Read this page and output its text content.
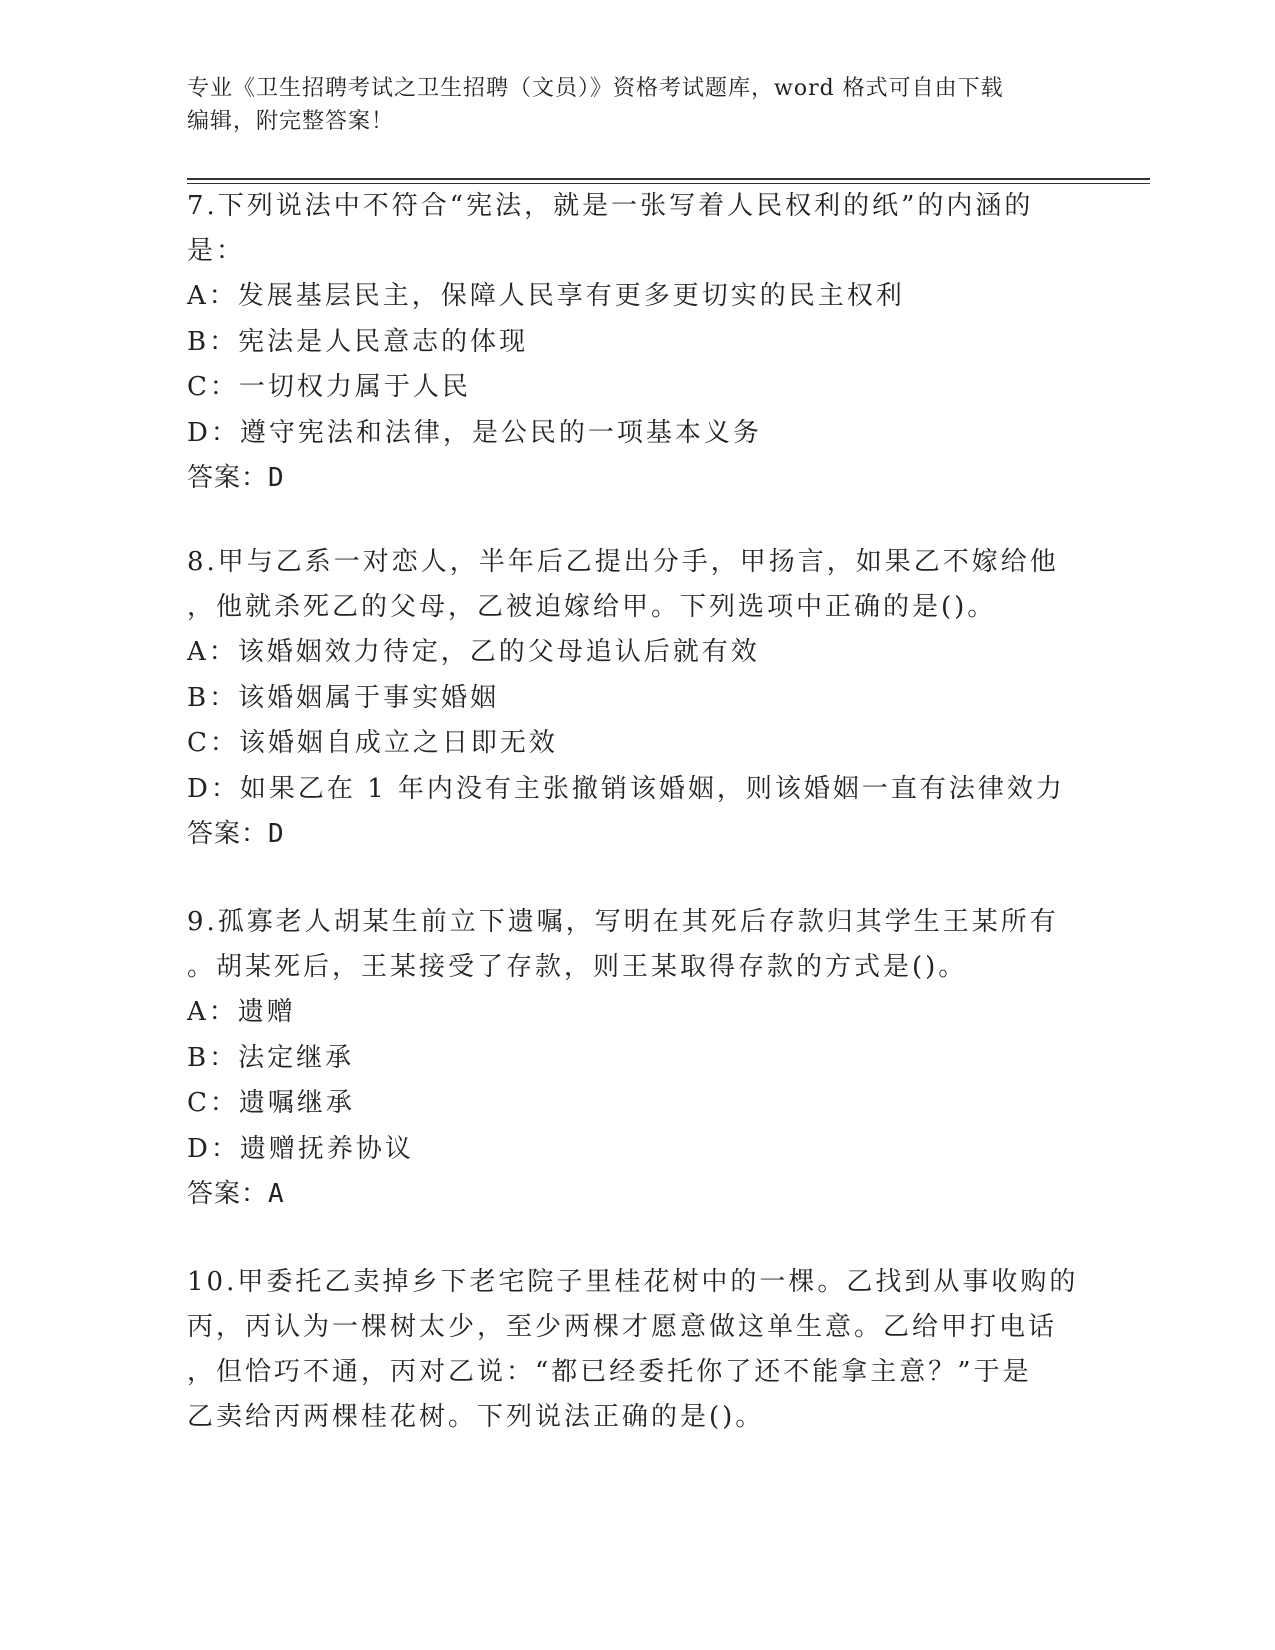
专业《卫生招聘考试之卫生招聘（文员）》资格考试题库，word 格式可自由下载
编辑，附完整答案！

7.下列说法中不符合“宪法，就是一张写着人民权利的纸”的内涵的

是：

A：发展基层民主，保障人民享有更多更切实的民主权利

B：宪法是人民意志的体现

C：一切权力属于人民

D：遵守宪法和法律，是公民的一项基本义务

答案：D

8.甲与乙系一对恋人，半年后乙提出分手，甲扬言，如果乙不嫁给他

，他就杀死乙的父母，乙被迫嫁给甲。下列选项中正确的是()。

A：该婚姻效力待定，乙的父母追认后就有效

B：该婚姻属于事实婚姻

C：该婚姻自成立之日即无效

D：如果乙在 1 年内没有主张撤销该婚姻，则该婚姻一直有法律效力

答案：D

9.孤寡老人胡某生前立下遗嘱，写明在其死后存款归其学生王某所有

。胡某死后，王某接受了存款，则王某取得存款的方式是()。

A：遗赠

B：法定继承

C：遗嘱继承

D：遗赠抚养协议

答案：A

10.甲委托乙卖掉乡下老宅院子里桂花树中的一棵。乙找到从事收购的

丙，丙认为一棵树太少，至少两棵才愿意做这单生意。乙给甲打电话

，但恰巧不通，丙对乙说：“都已经委托你了还不能拿主意？”于是

乙卖给丙两棵桂花树。下列说法正确的是()。
